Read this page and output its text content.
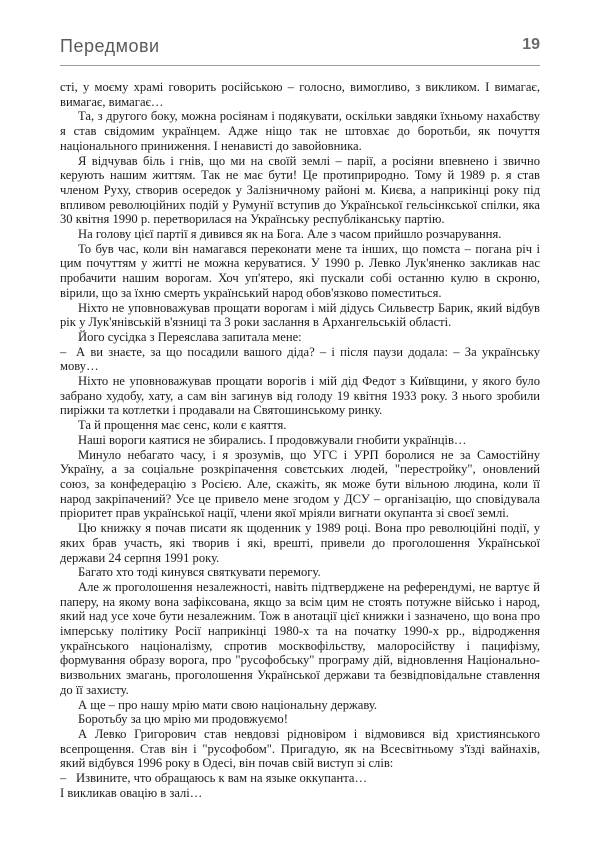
Передмови	19

сті, у моєму храмі говорить російською – голосно, вимогливо, з викликом. І вимагає, вимагає, вимагає…

Та, з другого боку, можна росіянам і подякувати, оскільки завдяки їхньому нахабству я став свідомим українцем. Адже ніщо так не штовхає до боротьби, як почуття національного приниження. І ненависті до завойовника.

Я відчував біль і гнів, що ми на своїй землі – парії, а росіяни впевнено і звично керують нашим життям. Так не має бути! Це протиприродно. Тому й 1989 р. я став членом Руху, створив осередок у Залізничному районі м. Києва, а наприкінці року під впливом революційних подій у Румунії вступив до Української гельсінкської спілки, яка 30 квітня 1990 р. перетворилася на Українську республіканську партію.

На голову цієї партії я дивився як на Бога. Але з часом прийшло розчарування.

То був час, коли він намагався переконати мене та інших, що помста – погана річ і цим почуттям у житті не можна керуватися. У 1990 р. Левко Лук'яненко закликав нас пробачити нашим ворогам. Хоч уп'ятеро, які пускали собі останню кулю в скроню, вірили, що за їхню смерть український народ обов'язково поместиться.

Ніхто не уповноважував прощати ворогам і мій дідусь Сильвестр Барик, який відбув рік у Лук'янівській в'язниці та 3 роки заслання в Архангельській області.

Його сусідка з Переяслава запитала мене:

– А ви знаєте, за що посадили вашого діда? – і після паузи додала: – За українську мову…

Ніхто не уповноважував прощати ворогів і мій дід Федот з Київщини, у якого було забрано худобу, хату, а сам він загинув від голоду 19 квітня 1933 року. З нього зробили пиріжки та котлетки і продавали на Святошинському ринку.

Та й прощення має сенс, коли є каяття.

Наші вороги каятися не збирались. І продовжували гнобити українців…

Минуло небагато часу, і я зрозумів, що УГС і УРП боролися не за Самостійну Україну, а за соціальне розкріпачення совєтських людей, "перестройку", оновлений союз, за конфедерацію з Росією. Але, скажіть, як може бути вільною людина, коли її народ закріпачений? Усе це привело мене згодом у ДСУ – організацію, що сповідувала пріоритет прав української нації, члени якої мріяли вигнати окупанта зі своєї землі.

Цю книжку я почав писати як щоденник у 1989 році. Вона про революційні події, у яких брав участь, які творив і які, врешті, привели до проголошення Української держави 24 серпня 1991 року.

Багато хто тоді кинувся святкувати перемогу.

Але ж проголошення незалежності, навіть підтверджене на референдумі, не вартує й паперу, на якому вона зафіксована, якщо за всім цим не стоять потужне військо і народ, який над усе хоче бути незалежним. Тож в анотації цієї книжки і зазначено, що вона про імперську політику Росії наприкінці 1980-х та на початку 1990-х рр., відродження українського націоналізму, спротив москвофільству, малоросійству і пацифізму, формування образу ворога, про "русофобську" програму дій, відновлення Національно-визвольних змагань, проголошення Української держави та безвідповідальне ставлення до її захисту.

А ще – про нашу мрію мати свою національну державу.

Боротьбу за цю мрію ми продовжуємо!

А Левко Григорович став невдовзі рідновіром і відмовився від християнського всепрощення. Став він і "русофобом". Пригадую, як на Всесвітньому з'їзді вайнахів, який відбувся 1996 року в Одесі, він почав свій виступ зі слів:

– Извините, что обращаюсь к вам на языке оккупанта…

І викликав овацію в залі…
